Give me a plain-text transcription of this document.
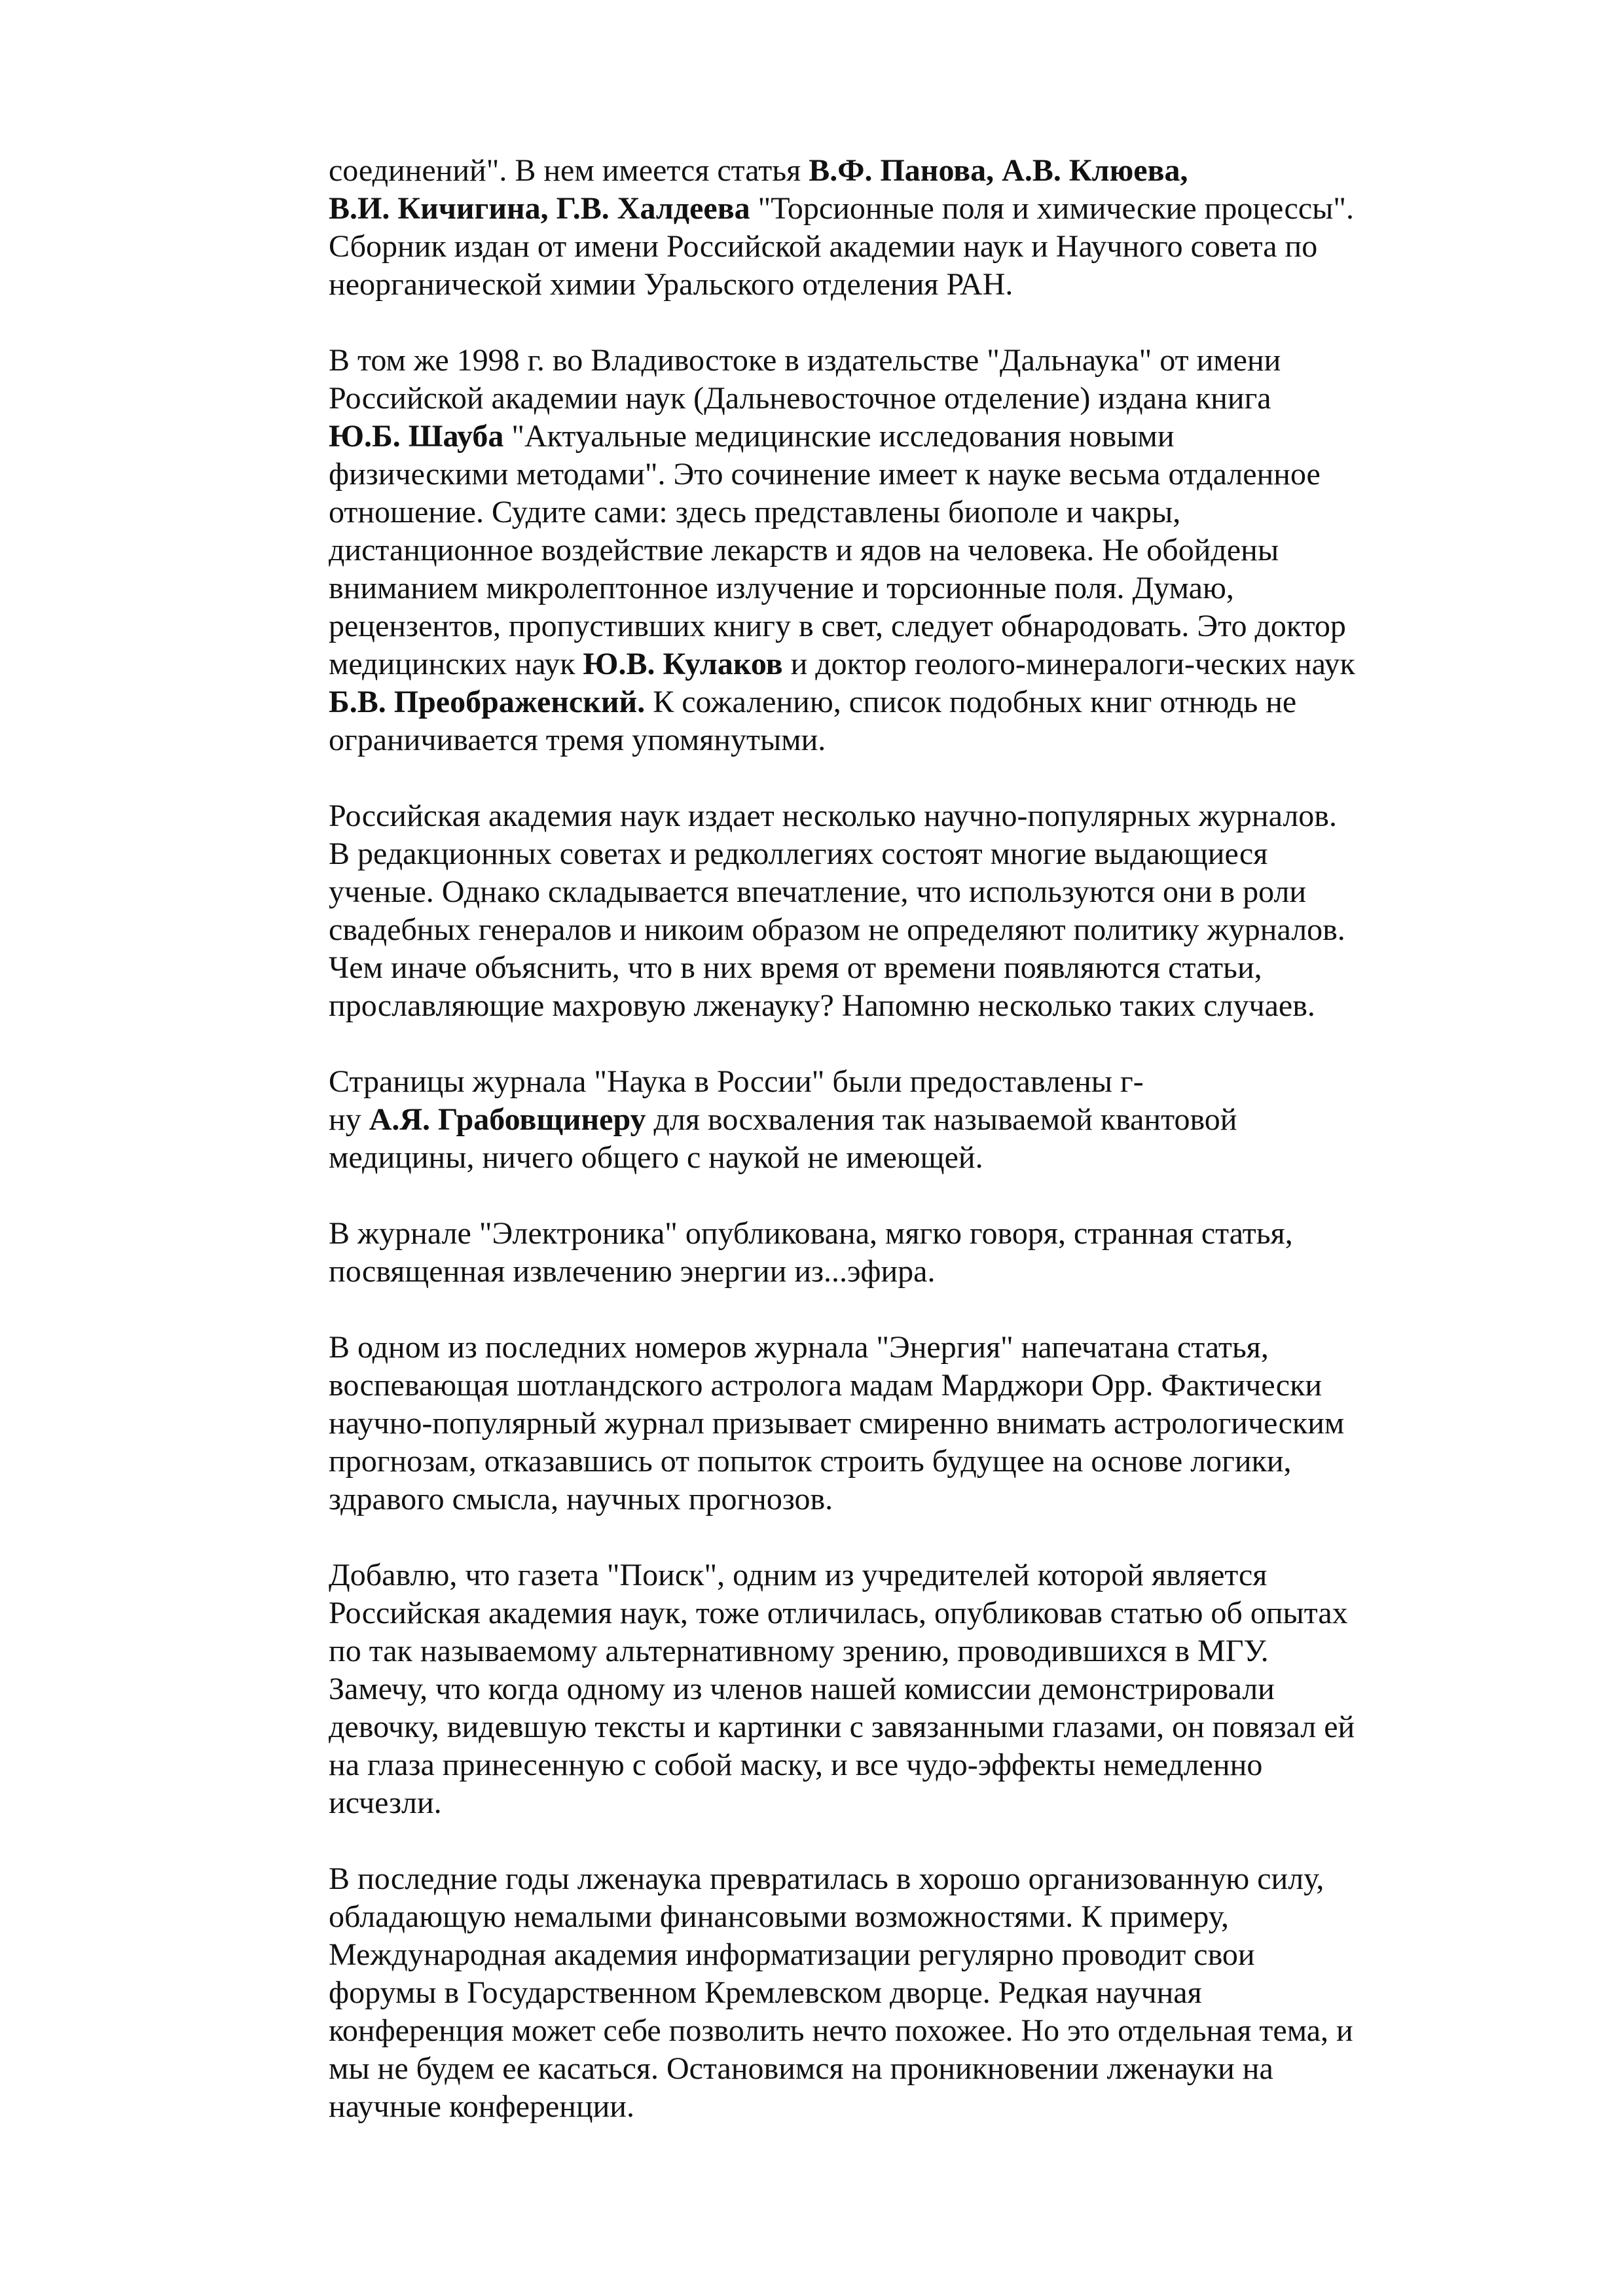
соединений". В нем имеется статья В.Ф. Панова, А.В. Клюева,
В.И. Кичигина, Г.В. Халдеева "Торсионные поля и химические процессы".
Сборник издан от имени Российской академии наук и Научного совета по
неорганической химии Уральского отделения РАН.
В том же 1998 г. во Владивостоке в издательстве "Дальнаука" от имени
Российской академии наук (Дальневосточное отделение) издана книга
Ю.Б. Шауба "Актуальные медицинские исследования новыми
физическими методами". Это сочинение имеет к науке весьма отдаленное
отношение. Судите сами: здесь представлены биополе и чакры,
дистанционное воздействие лекарств и ядов на человека. Не обойдены
вниманием микролептонное излучение и торсионные поля. Думаю,
рецензентов, пропустивших книгу в свет, следует обнародовать. Это доктор
медицинских наук Ю.В. Кулаков и доктор геолого-минералоги-ческих наук
Б.В. Преображенский. К сожалению, список подобных книг отнюдь не
ограничивается тремя упомянутыми.
Российская академия наук издает несколько научно-популярных журналов.
В редакционных советах и редколлегиях состоят многие выдающиеся
ученые. Однако складывается впечатление, что используются они в роли
свадебных генералов и никоим образом не определяют политику журналов.
Чем иначе объяснить, что в них время от времени появляются статьи,
прославляющие махровую лженауку? Напомню несколько таких случаев.
Страницы журнала "Наука в России" были предоставлены г-
ну А.Я. Грабовщинеру для восхваления так называемой квантовой
медицины, ничего общего с наукой не имеющей.
В журнале "Электроника" опубликована, мягко говоря, странная статья,
посвященная извлечению энергии из...эфира.
В одном из последних номеров журнала "Энергия" напечатана статья,
воспевающая шотландского астролога мадам Марджори Орр. Фактически
научно-популярный журнал призывает смиренно внимать астрологическим
прогнозам, отказавшись от попыток строить будущее на основе логики,
здравого смысла, научных прогнозов.
Добавлю, что газета "Поиск", одним из учредителей которой является
Российская академия наук, тоже отличилась, опубликовав статью об опытах
по так называемому альтернативному зрению, проводившихся в МГУ.
Замечу, что когда одному из членов нашей комиссии демонстрировали
девочку, видевшую тексты и картинки с завязанными глазами, он повязал ей
на глаза принесенную с собой маску, и все чудо-эффекты немедленно
исчезли.
В последние годы лженаука превратилась в хорошо организованную силу,
обладающую немалыми финансовыми возможностями. К примеру,
Международная академия информатизации регулярно проводит свои
форумы в Государственном Кремлевском дворце. Редкая научная
конференция может себе позволить нечто похожее. Но это отдельная тема, и
мы не будем ее касаться. Остановимся на проникновении лженауки на
научные конференции.
